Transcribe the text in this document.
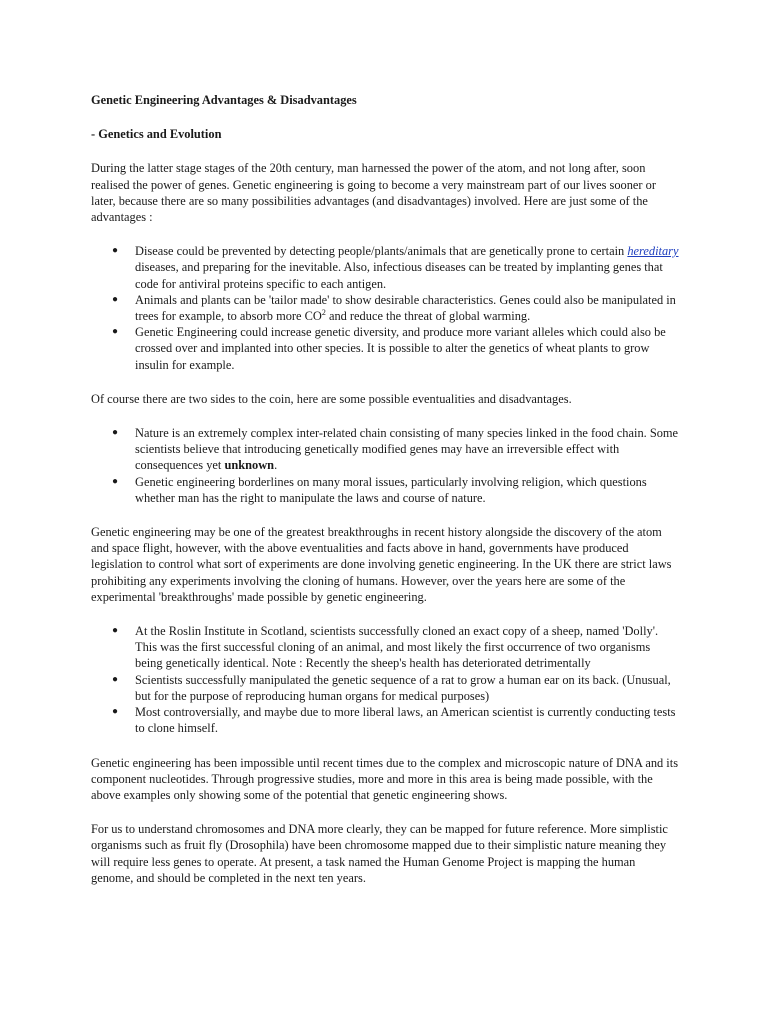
Genetic Engineering Advantages & Disadvantages
- Genetics and Evolution

During the latter stage stages of the 20th century, man harnessed the power of the atom, and not long after, soon realised the power of genes. Genetic engineering is going to become a very mainstream part of our lives sooner or later, because there are so many possibilities advantages (and disadvantages) involved. Here are just some of the advantages :

● Disease could be prevented by detecting people/plants/animals that are genetically prone to certain hereditary diseases, and preparing for the inevitable. Also, infectious diseases can be treated by implanting genes that code for antiviral proteins specific to each antigen.
● Animals and plants can be 'tailor made' to show desirable characteristics. Genes could also be manipulated in trees for example, to absorb more $CO^2$ and reduce the threat of global warming.
● Genetic Engineering could increase genetic diversity, and produce more variant alleles which could also be crossed over and implanted into other species. It is possible to alter the genetics of wheat plants to grow insulin for example.

Of course there are two sides to the coin, here are some possible eventualities and disadvantages.

● Nature is an extremely complex inter-related chain consisting of many species linked in the food chain. Some scientists believe that introducing genetically modified genes may have an irreversible effect with consequences yet unknown.
● Genetic engineering borderlines on many moral issues, particularly involving religion, which questions whether man has the right to manipulate the laws and course of nature.

Genetic engineering may be one of the greatest breakthroughs in recent history alongside the discovery of the atom and space flight, however, with the above eventualities and facts above in hand, governments have produced legislation to control what sort of experiments are done involving genetic engineering. In the UK there are strict laws prohibiting any experiments involving the cloning of humans. However, over the years here are some of the experimental 'breakthroughs' made possible by genetic engineering.

● At the Roslin Institute in Scotland, scientists successfully cloned an exact copy of a sheep, named 'Dolly'. This was the first successful cloning of an animal, and most likely the first occurrence of two organisms being genetically identical. Note : Recently the sheep's health has deteriorated detrimentally
● Scientists successfully manipulated the genetic sequence of a rat to grow a human ear on its back. (Unusual, but for the purpose of reproducing human organs for medical purposes)
● Most controversially, and maybe due to more liberal laws, an American scientist is currently conducting tests to clone himself.

Genetic engineering has been impossible until recent times due to the complex and microscopic nature of DNA and its component nucleotides. Through progressive studies, more and more in this area is being made possible, with the above examples only showing some of the potential that genetic engineering shows.

For us to understand chromosomes and DNA more clearly, they can be mapped for future reference. More simplistic organisms such as fruit fly (Drosophila) have been chromosome mapped due to their simplistic nature meaning they will require less genes to operate. At present, a task named the Human Genome Project is mapping the human genome, and should be completed in the next ten years.
